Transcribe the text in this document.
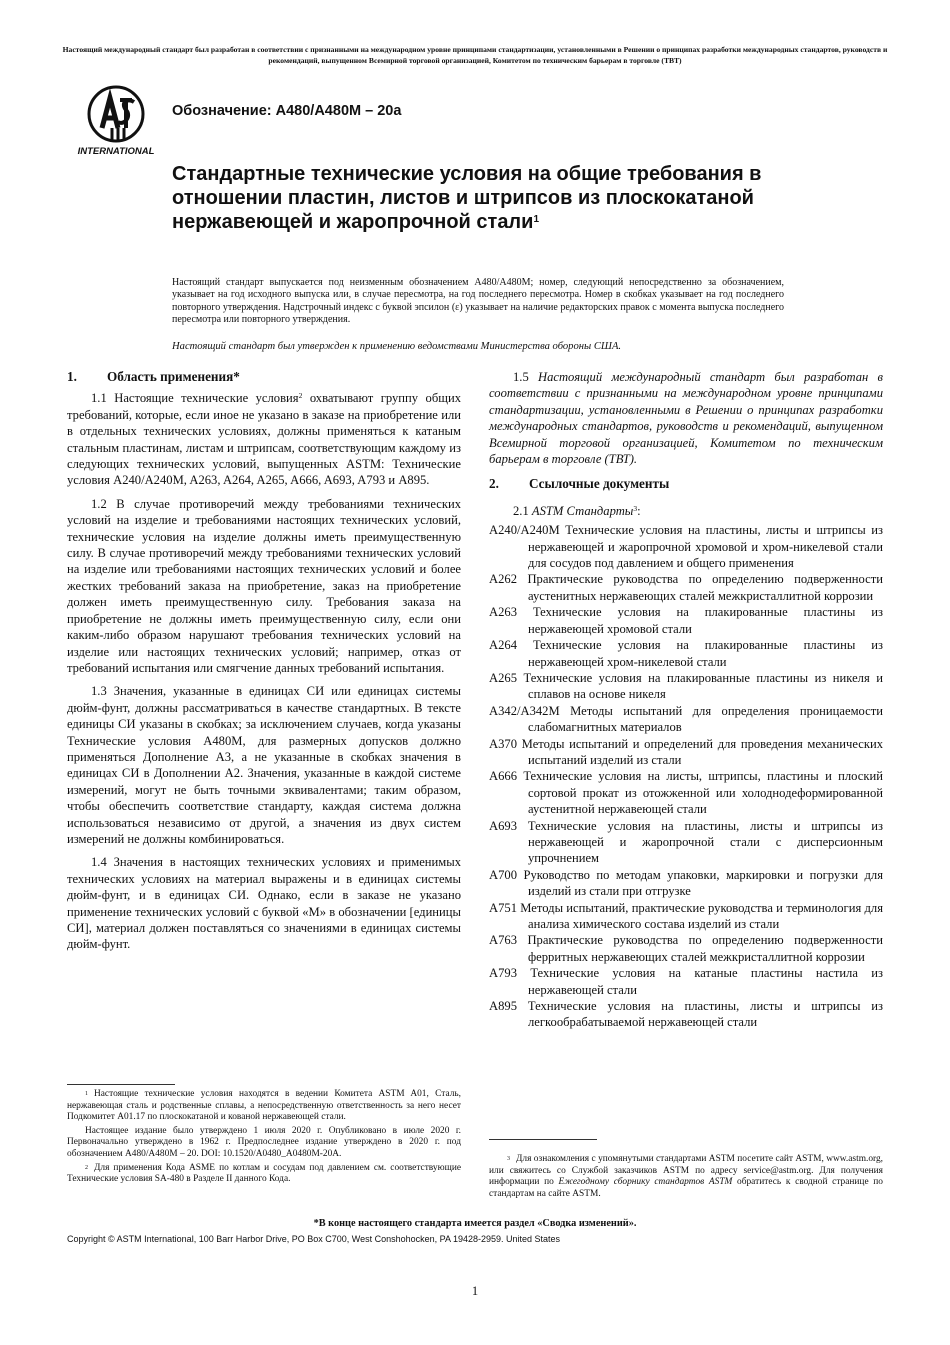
Настоящий международный стандарт был разработан в соответствии с признанными на международном уровне принципами стандартизации, установленными в Решении о принципах разработки международных стандартов, руководств и рекомендаций, выпущенном Всемирной торговой организацией, Комитетом по техническим барьерам в торговле (ТВТ)
INTERNATIONAL
Обозначение: A480/A480M – 20a
Стандартные технические условия на общие требования в отношении пластин, листов и штрипсов из плоскокатаной нержавеющей и жаропрочной стали$^1$
Настоящий стандарт выпускается под неизменным обозначением A480/A480M; номер, следующий непосредственно за обозначением, указывает на год исходного выпуска или, в случае пересмотра, на год последнего пересмотра. Номер в скобках указывает на год последнего повторного утверждения. Надстрочный индекс с буквой эпсилон (ε) указывает на наличие редакторских правок с момента выпуска последнего пересмотра или повторного утверждения.
Настоящий стандарт был утвержден к применению ведомствами Министерства обороны США.
1. Область применения*

1.1 Настоящие технические условия$^2$ охватывают группу общих требований, которые, если иное не указано в заказе на приобретение или в отдельных технических условиях, должны применяться к катаным стальным пластинам, листам и штрипсам, соответствующим каждому из следующих технических условий, выпущенных ASTM: Технические условия A240/A240M, A263, A264, A265, A666, A693, A793 и A895.

1.2 В случае противоречий между требованиями технических условий на изделие и требованиями настоящих технических условий, технические условия на изделие должны иметь преимущественную силу. В случае противоречий между требованиями технических условий на изделие или требованиями настоящих технических условий и более жестких требований заказа на приобретение, заказ на приобретение должен иметь преимущественную силу. Требования заказа на приобретение не должны иметь преимущественную силу, если они каким-либо образом нарушают требования технических условий на изделие или настоящих технических условий; например, отказ от требований испытания или смягчение данных требований испытания.

1.3 Значения, указанные в единицах СИ или единицах системы дюйм-фунт, должны рассматриваться в качестве стандартных. В тексте единицы СИ указаны в скобках; за исключением случаев, когда указаны Технические условия A480M, для размерных допусков должно применяться Дополнение A3, а не указанные в скобках значения в единицах СИ в Дополнении A2. Значения, указанные в каждой системе измерений, могут не быть точными эквивалентами; таким образом, чтобы обеспечить соответствие стандарту, каждая система должна использоваться независимо от другой, а значения из двух систем измерений не должны комбинироваться.

1.4 Значения в настоящих технических условиях и применимых технических условиях на материал выражены и в единицах системы дюйм-фунт, и в единицах СИ. Однако, если в заказе не указано применение технических условий с буквой «M» в обозначении [единицы СИ], материал должен поставляться со значениями в единицах системы дюйм-фунт.

1.5 Настоящий международный стандарт был разработан в соответствии с признанными на международном уровне принципами стандартизации, установленными в Решении о принципах разработки международных стандартов, руководств и рекомендаций, выпущенном Всемирной торговой организацией, Комитетом по техническим барьерам в торговле (ТВТ).

2. Ссылочные документы
2.1 ASTM Стандарты$^3$:
A240/A240M Технические условия на пластины, листы и штрипсы из нержавеющей и жаропрочной хромовой и хром-никелевой стали для сосудов под давлением и общего применения
A262 Практические руководства по определению подверженности аустенитных нержавеющих сталей межкристаллитной коррозии
A263 Технические условия на плакированные пластины из нержавеющей хромовой стали
A264 Технические условия на плакированные пластины из нержавеющей хром-никелевой стали
A265 Технические условия на плакированные пластины из никеля и сплавов на основе никеля
A342/A342M Методы испытаний для определения проницаемости слабомагнитных материалов
A370 Методы испытаний и определений для проведения механических испытаний изделий из стали
A666 Технические условия на листы, штрипсы, пластины и плоский сортовой прокат из отожженной или холоднодеформированной аустенитной нержавеющей стали
A693 Технические условия на пластины, листы и штрипсы из нержавеющей и жаропрочной стали с дисперсионным упрочнением
A700 Руководство по методам упаковки, маркировки и погрузки для изделий из стали при отгрузке
A751 Методы испытаний, практические руководства и терминология для анализа химического состава изделий из стали
A763 Практические руководства по определению подверженности ферритных нержавеющих сталей межкристаллитной коррозии
A793 Технические условия на катаные пластины настила из нержавеющей стали
A895 Технические условия на пластины, листы и штрипсы из легкообрабатываемой нержавеющей стали

$^1$ Настоящие технические условия находятся в ведении Комитета ASTM A01, Сталь, нержавеющая сталь и родственные сплавы, а непосредственную ответственность за него несет Подкомитет A01.17 по плоскокатаной и кованой нержавеющей стали.

Настоящее издание было утверждено 1 июля 2020 г. Опубликовано в июле 2020 г. Первоначально утверждено в 1962 г. Предпоследнее издание утверждено в 2020 г. под обозначением A480/A480M – 20. DOI: 10.1520/A0480_A0480M-20A.

$^2$ Для применения Кода ASME по котлам и сосудам под давлением см. соответствующие Технические условия SA-480 в Разделе II данного Кода.

$^3$ Для ознакомления с упомянутыми стандартами ASTM посетите сайт ASTM, www.astm.org, или свяжитесь со Службой заказчиков ASTM по адресу service@astm.org. Для получения информации по Ежегодному сборнику стандартов ASTM обратитесь к сводной странице по стандартам на сайте ASTM.

*В конце настоящего стандарта имеется раздел «Сводка изменений».
Copyright © ASTM International, 100 Barr Harbor Drive, PO Box C700, West Conshohocken, PA 19428-2959. United States
1
